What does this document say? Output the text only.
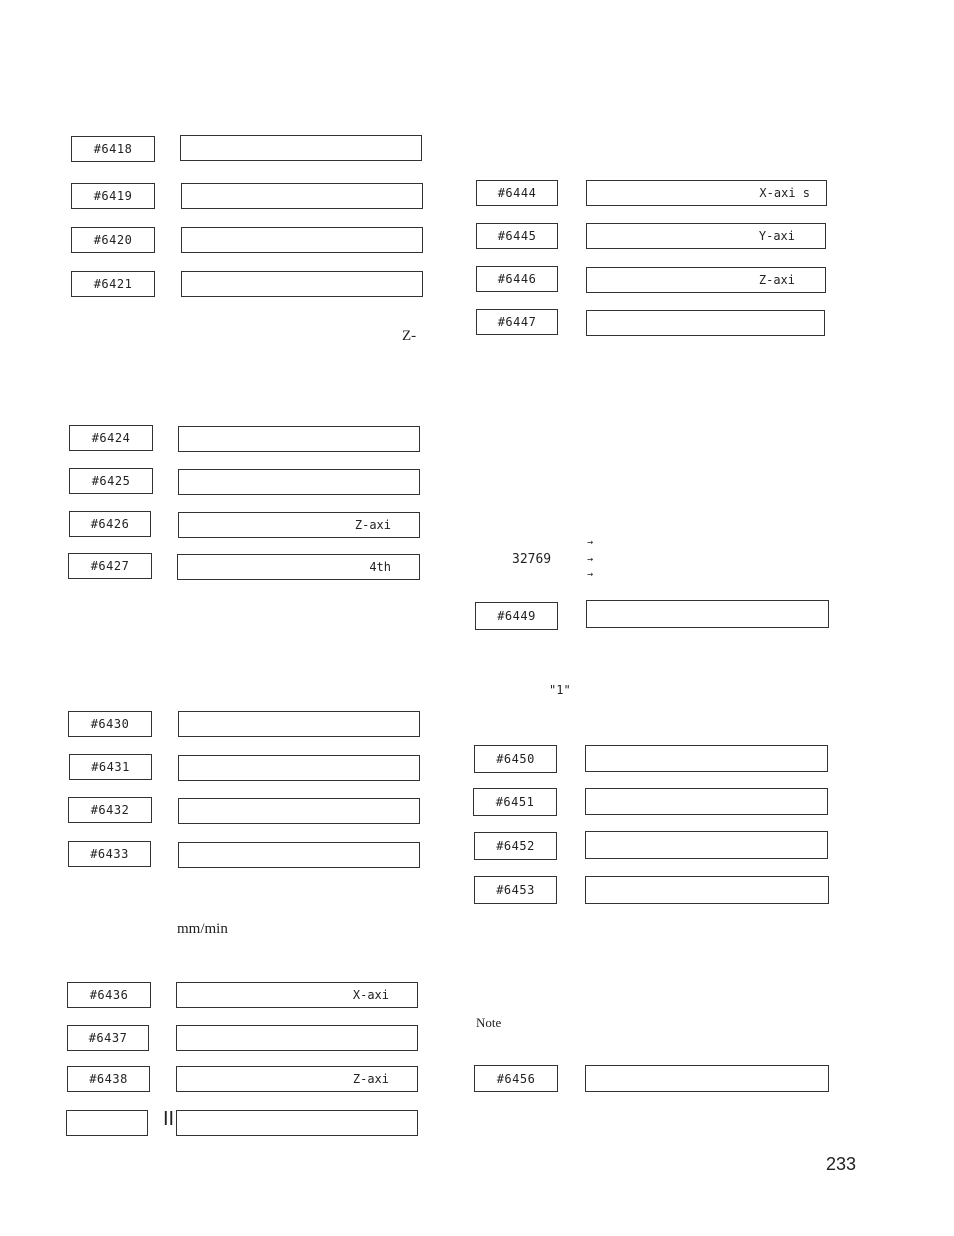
#6418
#6419
#6420
#6421
Z-
#6424
#6425
#6426	Z-axi
#6427	4th
#6430
#6431
#6432
#6433
mm/min
#6436	X-axi
#6437
#6438	Z-axi
II
#6444	X-axi s
#6445	Y-axi
#6446	Z-axi
#6447
32769
→
→
→
#6449
"1"
#6450
#6451
#6452
#6453
Note
#6456
233
